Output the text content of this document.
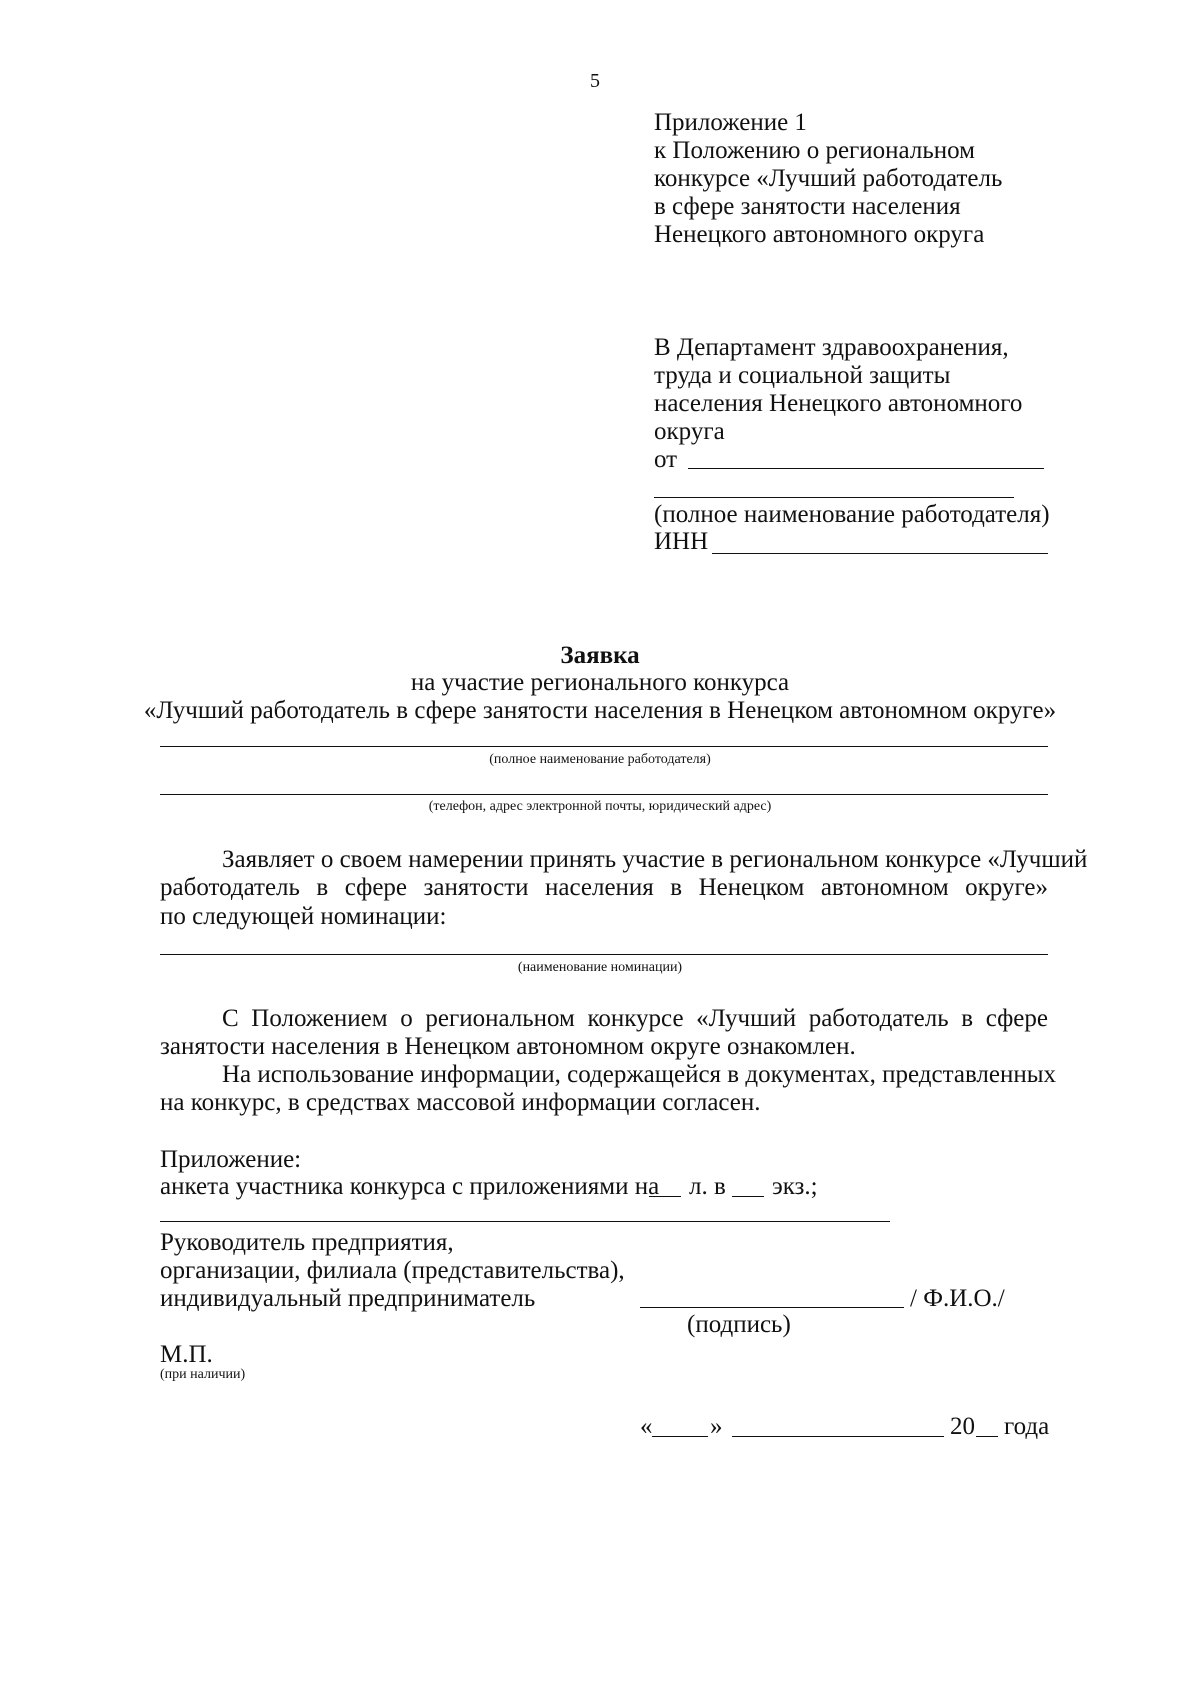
5
Приложение 1
к Положению о региональном
конкурсе «Лучший работодатель
в сфере занятости населения
Ненецкого автономного округа
В Департамент здравоохранения,
труда и социальной защиты
населения Ненецкого автономного
округа
от
(полное наименование работодателя)
ИНН
Заявка
на участие регионального конкурса
«Лучший работодатель в сфере занятости населения в Ненецком автономном округе»
(полное наименование работодателя)
(телефон, адрес электронной почты, юридический адрес)
Заявляет о своем намерении принять участие в региональном конкурсе «Лучший
работодатель в сфере занятости населения в Ненецком автономном округе»
по следующей номинации:
(наименование номинации)
С Положением о региональном конкурсе «Лучший работодатель в сфере
занятости населения в Ненецком автономном округе ознакомлен.
На использование информации, содержащейся в документах, представленных
на конкурс, в средствах массовой информации согласен.
Приложение:
анкета участника конкурса с приложениями на л. в экз.;
Руководитель предприятия,
организации, филиала (представительства),
индивидуальный предприниматель	/ Ф.И.О./
(подпись)
М.П.
(при наличии)
« »	20 года
